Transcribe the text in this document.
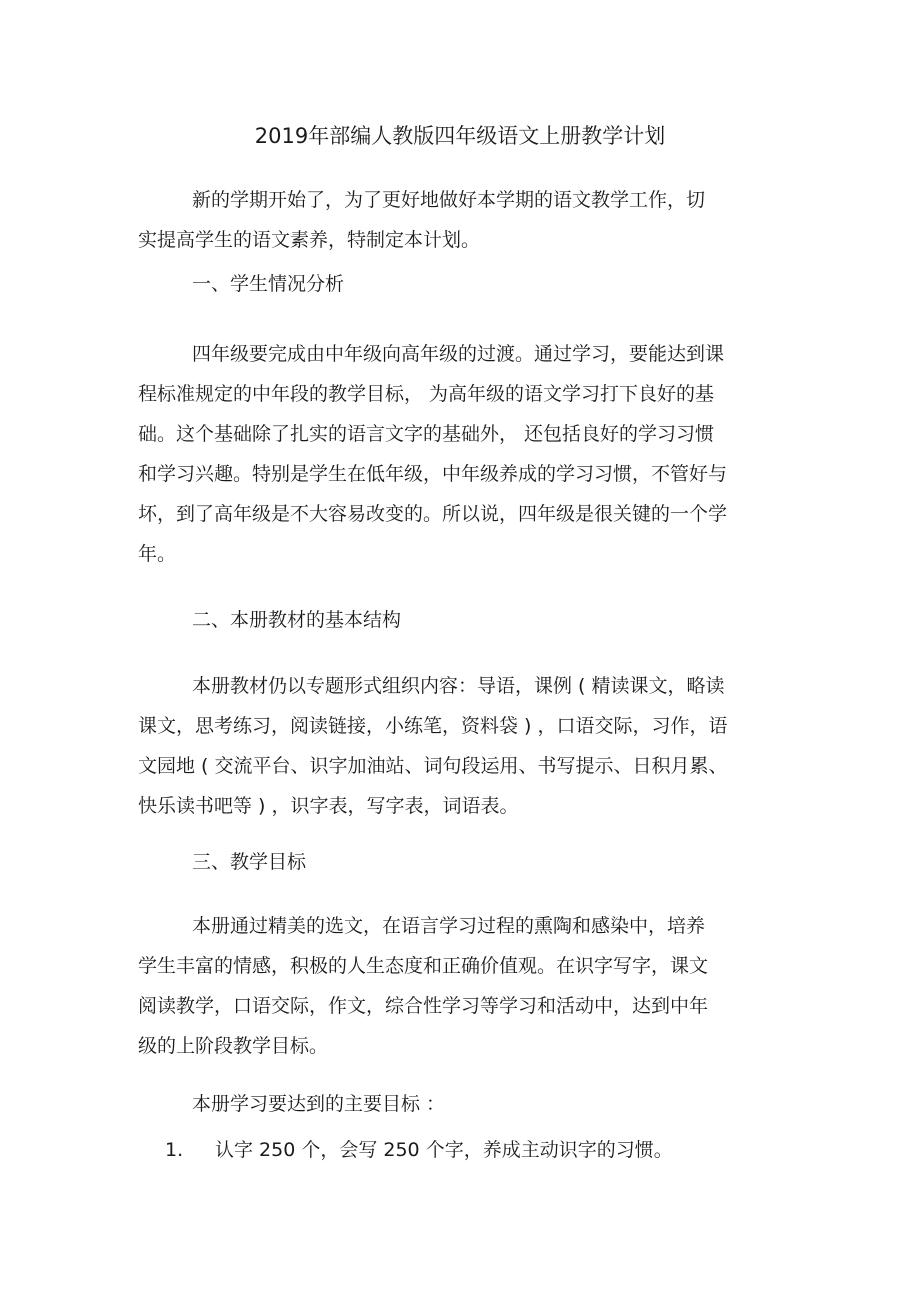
2019年部编人教版四年级语文上册教学计划

新的学期开始了，为了更好地做好本学期的语文教学工作，切
实提高学生的语文素养，特制定本计划。

一、学生情况分析

四年级要完成由中年级向高年级的过渡。通过学习，要能达到课
程标准规定的中年段的教学目标， 为高年级的语文学习打下良好的基
础。这个基础除了扎实的语言文字的基础外， 还包括良好的学习习惯
和学习兴趣。特别是学生在低年级，中年级养成的学习习惯，不管好与
坏，到了高年级是不大容易改变的。所以说，四年级是很关键的一个学
年。

二、本册教材的基本结构

本册教材仍以专题形式组织内容：导语，课例 ( 精读课文，略读
课文，思考练习，阅读链接，小练笔，资料袋 ) ，口语交际，习作，语
文园地 ( 交流平台、识字加油站、词句段运用、书写提示、日积月累、
快乐读书吧等 ) ，识字表，写字表，词语表。

三、教学目标

本册通过精美的选文，在语言学习过程的熏陶和感染中，培养
学生丰富的情感，积极的人生态度和正确价值观。在识字写字，课文
阅读教学，口语交际，作文，综合性学习等学习和活动中，达到中年
级的上阶段教学目标。

本册学习要达到的主要目标 ：

1. 认字 250 个，会写 250 个字，养成主动识字的习惯。
